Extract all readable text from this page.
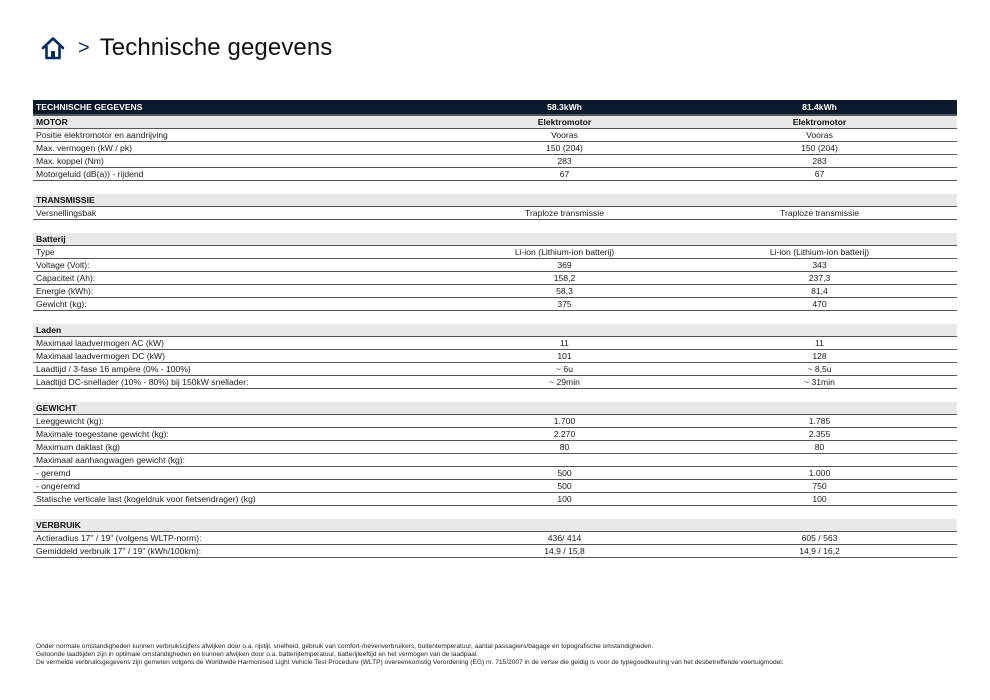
> Technische gegevens
TECHNISCHE GEGEVENS	58.3kWh	81.4kWh
MOTOR	Elektromotor	Elektromotor
Positie elektromotor en aandrijving	Vooras	Vooras
Max. vermogen (kW / pk)	150 (204)	150 (204)
Max. koppel (Nm)	283	283
Motorgeluid (dB(a)) - rijdend	67	67

TRANSMISSIE		
Versnellingsbak	Traploze transmissie	Traploze transmissie

Batterij		
Type	Li-ion (Lithium-ion batterij)	Li-ion (Lithium-ion batterij)
Voltage (Volt):	369	343
Capaciteit (Ah):	158,2	237,3
Energie (kWh):	58,3	81,4
Gewicht (kg):	375	470

Laden		
Maximaal laadvermogen AC (kW)	11	11
Maximaal laadvermogen DC (kW)	101	128
Laadtijd / 3-fase 16 ampère (0% - 100%)	~ 6u	~ 8,5u
Laadtijd DC-snellader (10% - 80%) bij 150kW snellader:	~ 29min	~ 31min

GEWICHT		
Leeggewicht (kg):	1.700	1.785
Maximale toegestane gewicht (kg):	2.270	2.355
Maximum daklast (kg)	80	80
Maximaal aanhangwagen gewicht (kg):		
- geremd	500	1.000
- ongeremd	500	750
Statische verticale last (kogeldruk voor fietsendrager) (kg)	100	100

VERBRUIK		
Actieradius 17" / 19" (volgens WLTP-norm):	436/ 414	605 / 563
Gemiddeld verbruik 17" / 19" (kWh/100km):	14,9 / 15,8	14,9 / 16,2
Onder normale omstandigheden kunnen verbruikscijfers afwijken door o.a. rijstijl, snelheid, gebruik van comfort-/nevenverbruikers, buitentemperatuur, aantal passagiers/bagage en topografische omstandigheden.
Getoonde laadtijden zijn in optimale omstandigheden en kunnen afwijken door o.a. batterijtemperatuur, batterijleeftijd en het vermogen van de laadpaal.
De vermelde verbruiksgegevens zijn gemeten volgens de Worldwide Harmonised Light Vehicle Test Procedure (WLTP) overeenkomstig Verordening (EG) nr. 715/2007 in de versie die geldig is voor de typegoedkeuring van het desbetreffende voertuigmodel.
